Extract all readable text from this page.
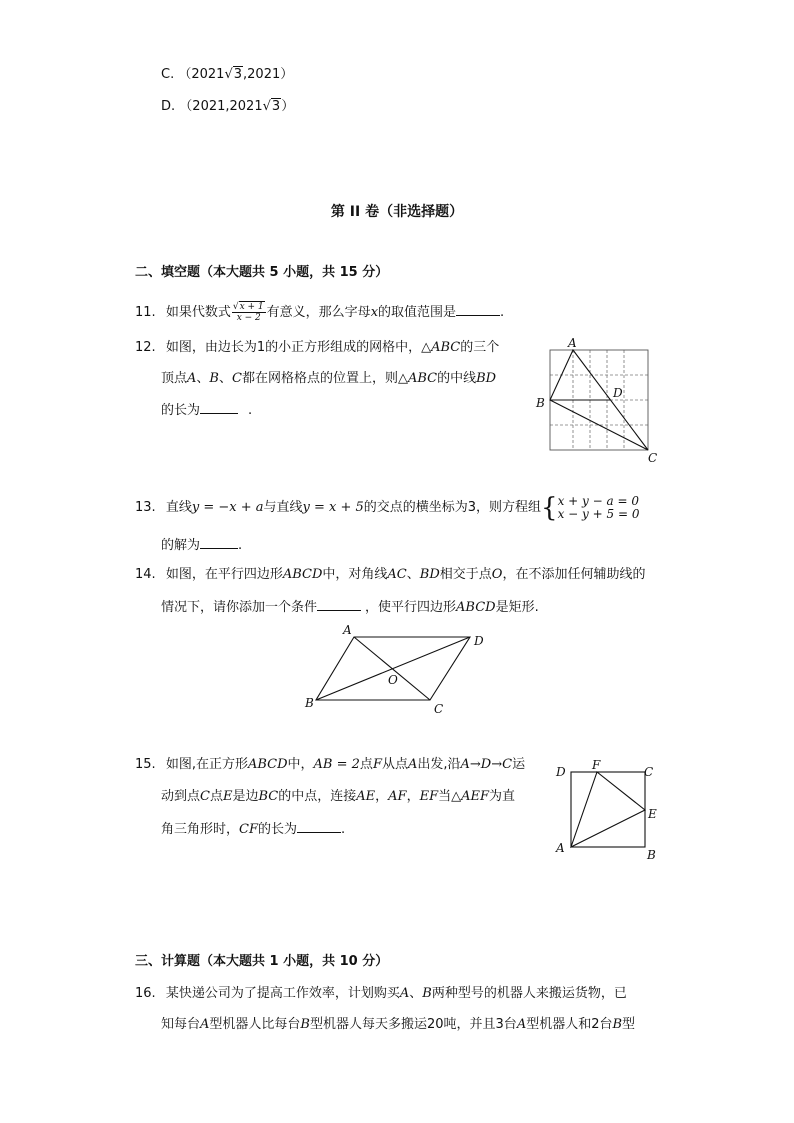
C. （2021√3,2021）
D. （2021,2021√3）
第 II 卷（非选择题）
二、填空题（本大题共 5 小题，共 15 分）
11. 如果代数式 $\frac{√x + 1}{x - 2}$ 有意义，那么字母x的取值范围是	.
12. 如图，由边长为1的小正方形组成的网格中，△ABC的三个
顶点A、B、C都在网格格点的位置上，则△ABC的中线BD
的长为	.
A
B
C
D
13. 直线y = −x + a与直线y = x + 5的交点的横坐标为3，则方程组{ x + y − a = 0
x − y + 5 = 0
的解为	.
14. 如图，在平行四边形ABCD中，对角线AC、BD相交于点O，在不添加任何辅助线的
情况下，请你添加一个条件	，使平行四边形ABCD是矩形.
A
D
B	C
O
15. 如图,在正方形ABCD中，AB = 2点F从点A出发,沿A→D→C运
动到点C点E是边BC的中点，连接AE，AF，EF当△AEF为直
角三角形时，CF的长为	.
D F	C
E
A	B
三、计算题（本大题共 1 小题，共 10 分）
16. 某快递公司为了提高工作效率，计划购买A、B两种型号的机器人来搬运货物，已
知每台A型机器人比每台B型机器人每天多搬运20吨，并且3台A型机器人和2台B型
